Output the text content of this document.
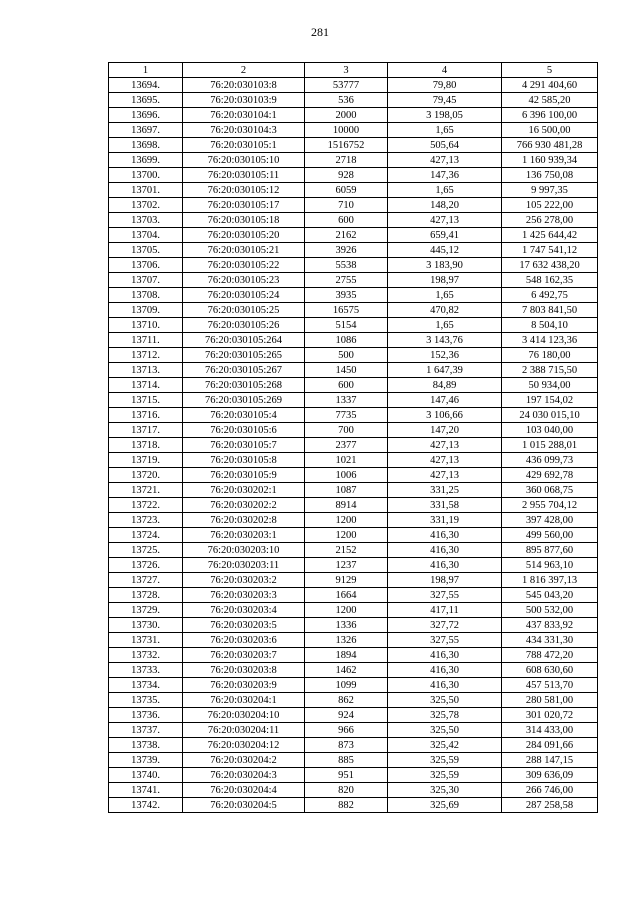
281
1	2	3	4	5
13694.	76:20:030103:8	53777	79,80	4 291 404,60
13695.	76:20:030103:9	536	79,45	42 585,20
13696.	76:20:030104:1	2000	3 198,05	6 396 100,00
13697.	76:20:030104:3	10000	1,65	16 500,00
13698.	76:20:030105:1	1516752	505,64	766 930 481,28
13699.	76:20:030105:10	2718	427,13	1 160 939,34
13700.	76:20:030105:11	928	147,36	136 750,08
13701.	76:20:030105:12	6059	1,65	9 997,35
13702.	76:20:030105:17	710	148,20	105 222,00
13703.	76:20:030105:18	600	427,13	256 278,00
13704.	76:20:030105:20	2162	659,41	1 425 644,42
13705.	76:20:030105:21	3926	445,12	1 747 541,12
13706.	76:20:030105:22	5538	3 183,90	17 632 438,20
13707.	76:20:030105:23	2755	198,97	548 162,35
13708.	76:20:030105:24	3935	1,65	6 492,75
13709.	76:20:030105:25	16575	470,82	7 803 841,50
13710.	76:20:030105:26	5154	1,65	8 504,10
13711.	76:20:030105:264	1086	3 143,76	3 414 123,36
13712.	76:20:030105:265	500	152,36	76 180,00
13713.	76:20:030105:267	1450	1 647,39	2 388 715,50
13714.	76:20:030105:268	600	84,89	50 934,00
13715.	76:20:030105:269	1337	147,46	197 154,02
13716.	76:20:030105:4	7735	3 106,66	24 030 015,10
13717.	76:20:030105:6	700	147,20	103 040,00
13718.	76:20:030105:7	2377	427,13	1 015 288,01
13719.	76:20:030105:8	1021	427,13	436 099,73
13720.	76:20:030105:9	1006	427,13	429 692,78
13721.	76:20:030202:1	1087	331,25	360 068,75
13722.	76:20:030202:2	8914	331,58	2 955 704,12
13723.	76:20:030202:8	1200	331,19	397 428,00
13724.	76:20:030203:1	1200	416,30	499 560,00
13725.	76:20:030203:10	2152	416,30	895 877,60
13726.	76:20:030203:11	1237	416,30	514 963,10
13727.	76:20:030203:2	9129	198,97	1 816 397,13
13728.	76:20:030203:3	1664	327,55	545 043,20
13729.	76:20:030203:4	1200	417,11	500 532,00
13730.	76:20:030203:5	1336	327,72	437 833,92
13731.	76:20:030203:6	1326	327,55	434 331,30
13732.	76:20:030203:7	1894	416,30	788 472,20
13733.	76:20:030203:8	1462	416,30	608 630,60
13734.	76:20:030203:9	1099	416,30	457 513,70
13735.	76:20:030204:1	862	325,50	280 581,00
13736.	76:20:030204:10	924	325,78	301 020,72
13737.	76:20:030204:11	966	325,50	314 433,00
13738.	76:20:030204:12	873	325,42	284 091,66
13739.	76:20:030204:2	885	325,59	288 147,15
13740.	76:20:030204:3	951	325,59	309 636,09
13741.	76:20:030204:4	820	325,30	266 746,00
13742.	76:20:030204:5	882	325,69	287 258,58
